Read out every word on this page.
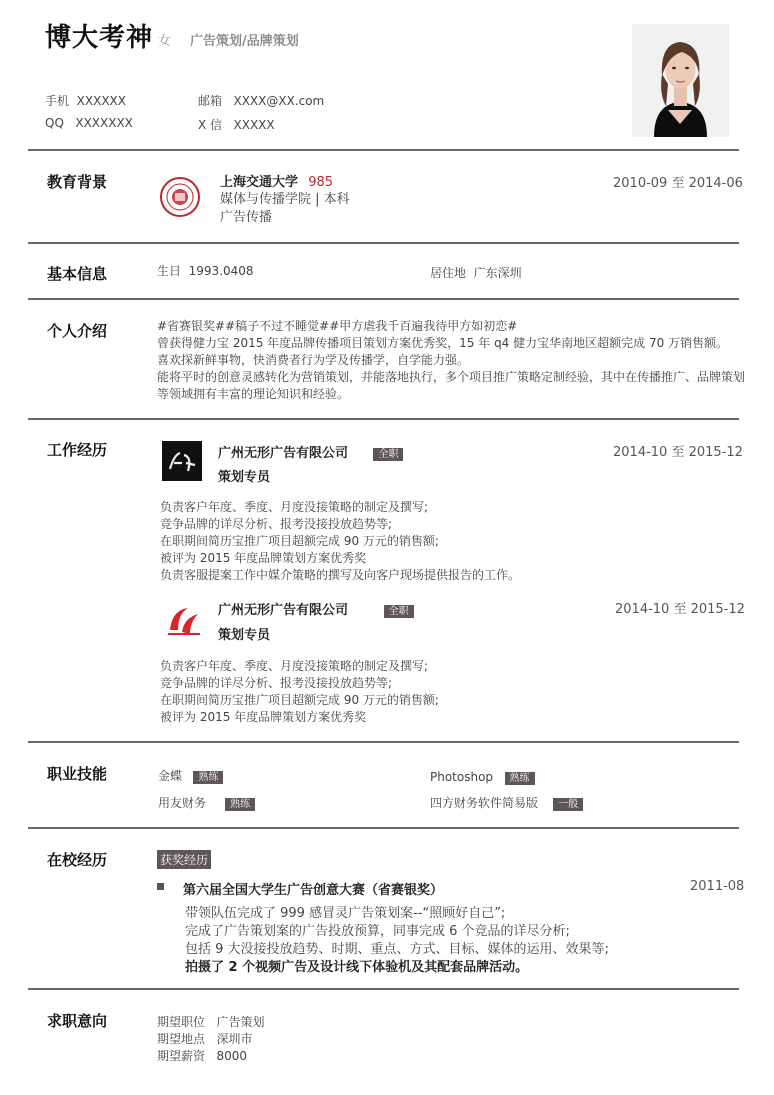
博大考神 女 广告策划/品牌策划
手机 XXXXXX	邮箱 XXXX@XX.com
QQ XXXXXXX	X 信 XXXXX
教育背景	上海交通大学 985
媒体与传播学院 | 本科
广告传播
2010-09 至 2014-06
基本信息	生日 1993.0408	居住地 广东深圳
个人介绍	#省赛银奖##稿子不过不睡觉##甲方虐我千百遍我待甲方如初恋#
曾获得健力宝 2015 年度品牌传播项目策划方案优秀奖，15 年 q4 健力宝华南地区超额完成 70 万销售额。
喜欢探新鲜事物，快消费者行为学及传播学，自学能力强。
能将平时的创意灵感转化为营销策划，并能落地执行，多个项目推广策略定制经验，其中在传播推广、品牌策划
等领域拥有丰富的理论知识和经验。
工作经历	广州无形广告有限公司	全职
策划专员
2014-10 至 2015-12
负责客户年度、季度、月度没接策略的制定及撰写;
竞争品牌的详尽分析、报考没接投放趋势等;
在职期间简历宝推广项目超额完成 90 万元的销售额;
被评为 2015 年度品牌策划方案优秀奖
负责客服提案工作中媒介策略的撰写及向客户现场提供报告的工作。
广州无形广告有限公司	全职
策划专员
2014-10 至 2015-12
负责客户年度、季度、月度没接策略的制定及撰写;
竞争品牌的详尽分析、报考没接投放趋势等;
在职期间简历宝推广项目超额完成 90 万元的销售额;
被评为 2015 年度品牌策划方案优秀奖
职业技能	金蝶 熟练	Photoshop 熟练
用友财务 熟练	四方财务软件简易版 一般
在校经历	获奖经历
第六届全国大学生广告创意大赛（省赛银奖）	2011-08
带领队伍完成了 999 感冒灵广告策划案--“照顾好自己”;
完成了广告策划案的广告投放预算，同事完成 6 个竞品的详尽分析;
包括 9 大没接投放趋势、时期、重点、方式、目标、媒体的运用、效果等;
拍摄了 2 个视频广告及设计线下体验机及其配套品牌活动。
求职意向	期望职位 广告策划
期望地点 深圳市
期望薪资 8000
